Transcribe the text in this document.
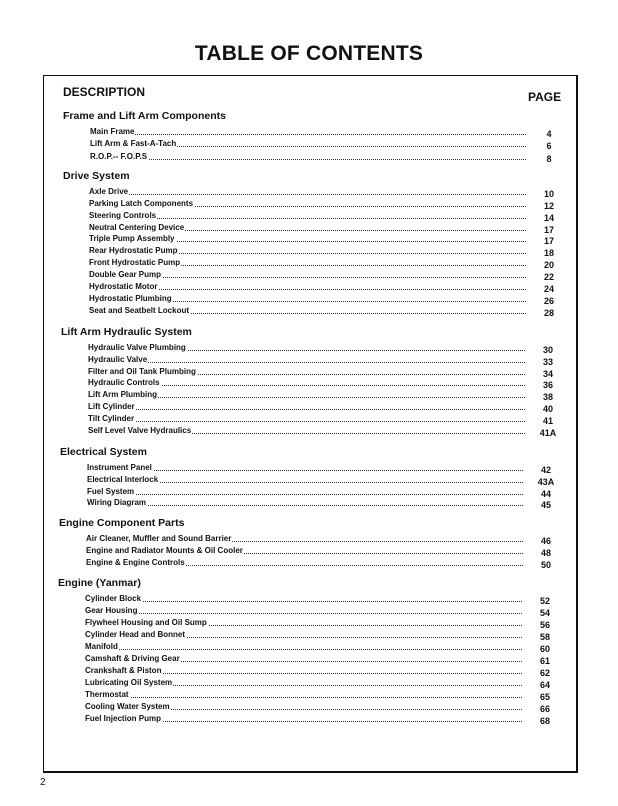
TABLE OF CONTENTS
DESCRIPTION	PAGE
Frame and Lift Arm Components
Main Frame	4
Lift Arm & Fast-A-Tach	6
R.O.P.-- F.O.P.S	8
Drive System
Axle Drive	10
Parking Latch Components	12
Steering Controls	14
Neutral Centering Device	17
Triple Pump Assembly	17
Rear Hydrostatic Pump	18
Front Hydrostatic Pump	20
Double Gear Pump	22
Hydrostatic Motor	24
Hydrostatic Plumbing	26
Seat and Seatbelt Lockout	28
Lift Arm Hydraulic System
Hydraulic Valve Plumbing	30
Hydraulic Valve	33
Filter and Oil Tank Plumbing	34
Hydraulic Controls	36
Lift Arm Plumbing	38
Lift Cylinder	40
Tilt Cylinder	41
Self Level Valve Hydraulics	41A
Electrical System
Instrument Panel	42
Electrical Interlock	43A
Fuel System	44
Wiring Diagram	45
Engine Component Parts
Air Cleaner, Muffler and Sound Barrier	46
Engine and Radiator Mounts & Oil Cooler	48
Engine & Engine Controls	50
Engine (Yanmar)
Cylinder Block	52
Gear Housing	54
Flywheel Housing and Oil Sump	56
Cylinder Head and Bonnet	58
Manifold	60
Camshaft & Driving Gear	61
Crankshaft & Piston	62
Lubricating Oil System	64
Thermostat	65
Cooling Water System	66
Fuel Injection Pump	68
2
